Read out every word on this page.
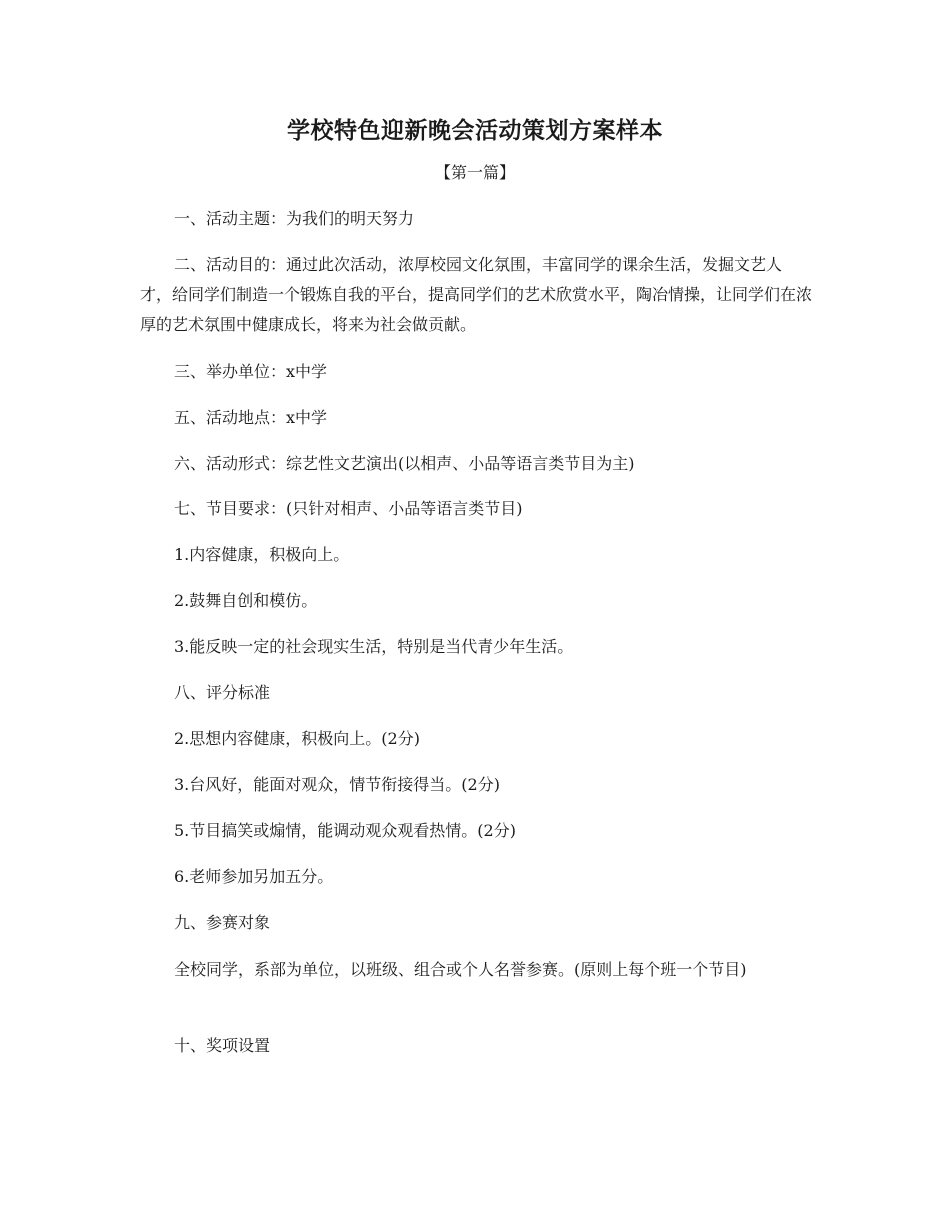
学校特色迎新晚会活动策划方案样本
【第一篇】

一、活动主题：为我们的明天努力

二、活动目的：通过此次活动，浓厚校园文化氛围，丰富同学的课余生活，发掘文艺人才，给同学们制造一个锻炼自我的平台，提高同学们的艺术欣赏水平，陶冶情操，让同学们在浓厚的艺术氛围中健康成长，将来为社会做贡献。

三、举办单位：x中学

五、活动地点：x中学

六、活动形式：综艺性文艺演出(以相声、小品等语言类节目为主)

七、节目要求：(只针对相声、小品等语言类节目)

1.内容健康，积极向上。

2.鼓舞自创和模仿。

3.能反映一定的社会现实生活，特别是当代青少年生活。

八、评分标准

2.思想内容健康，积极向上。(2分)

3.台风好，能面对观众，情节衔接得当。(2分)

5.节目搞笑或煽情，能调动观众观看热情。(2分)

6.老师参加另加五分。

九、参赛对象

全校同学，系部为单位，以班级、组合或个人名誉参赛。(原则上每个班一个节目)

十、奖项设置
